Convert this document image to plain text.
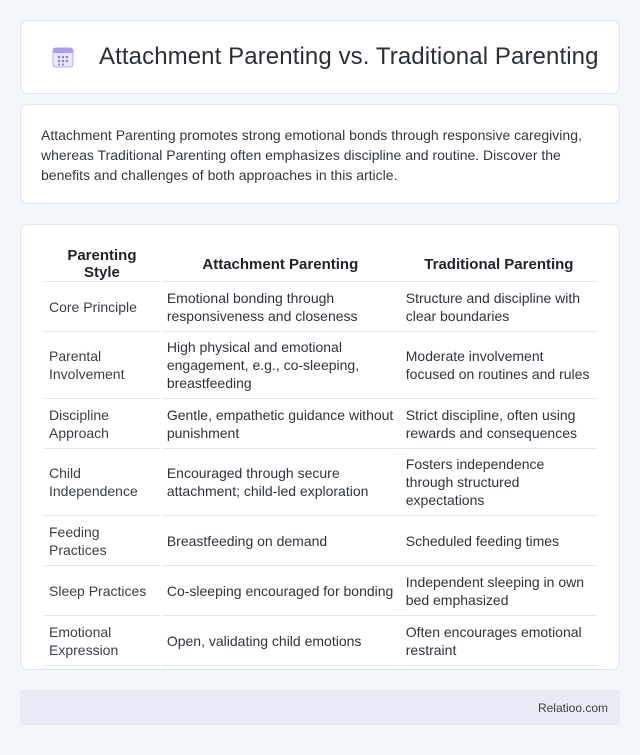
Attachment Parenting vs. Traditional Parenting

Attachment Parenting promotes strong emotional bonds through responsive caregiving, whereas Traditional Parenting often emphasizes discipline and routine. Discover the benefits and challenges of both approaches in this article.

Parenting Style	Attachment Parenting	Traditional Parenting
Core Principle	Emotional bonding through responsiveness and closeness	Structure and discipline with clear boundaries
Parental Involvement	High physical and emotional engagement, e.g., co-sleeping, breastfeeding	Moderate involvement focused on routines and rules
Discipline Approach	Gentle, empathetic guidance without punishment	Strict discipline, often using rewards and consequences
Child Independence	Encouraged through secure attachment; child-led exploration	Fosters independence through structured expectations
Feeding Practices	Breastfeeding on demand	Scheduled feeding times
Sleep Practices	Co-sleeping encouraged for bonding	Independent sleeping in own bed emphasized
Emotional Expression	Open, validating child emotions	Often encourages emotional restraint
Relatioo.com
